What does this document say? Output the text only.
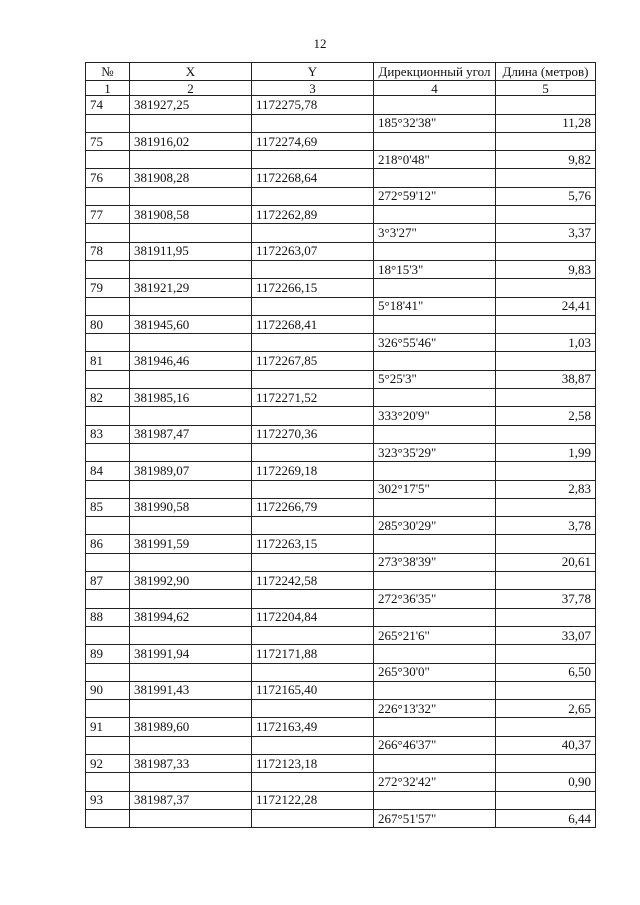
12
№	X	Y	Дирекционный угол	Длина (метров)
1	2	3	4	5
74	381927,25	1172275,78		
			185°32'38"	11,28
75	381916,02	1172274,69		
			218°0'48"	9,82
76	381908,28	1172268,64		
			272°59'12"	5,76
77	381908,58	1172262,89		
			3°3'27"	3,37
78	381911,95	1172263,07		
			18°15'3"	9,83
79	381921,29	1172266,15		
			5°18'41"	24,41
80	381945,60	1172268,41		
			326°55'46"	1,03
81	381946,46	1172267,85		
			5°25'3"	38,87
82	381985,16	1172271,52		
			333°20'9"	2,58
83	381987,47	1172270,36		
			323°35'29"	1,99
84	381989,07	1172269,18		
			302°17'5"	2,83
85	381990,58	1172266,79		
			285°30'29"	3,78
86	381991,59	1172263,15		
			273°38'39"	20,61
87	381992,90	1172242,58		
			272°36'35"	37,78
88	381994,62	1172204,84		
			265°21'6"	33,07
89	381991,94	1172171,88		
			265°30'0"	6,50
90	381991,43	1172165,40		
			226°13'32"	2,65
91	381989,60	1172163,49		
			266°46'37"	40,37
92	381987,33	1172123,18		
			272°32'42"	0,90
93	381987,37	1172122,28		
			267°51'57"	6,44
